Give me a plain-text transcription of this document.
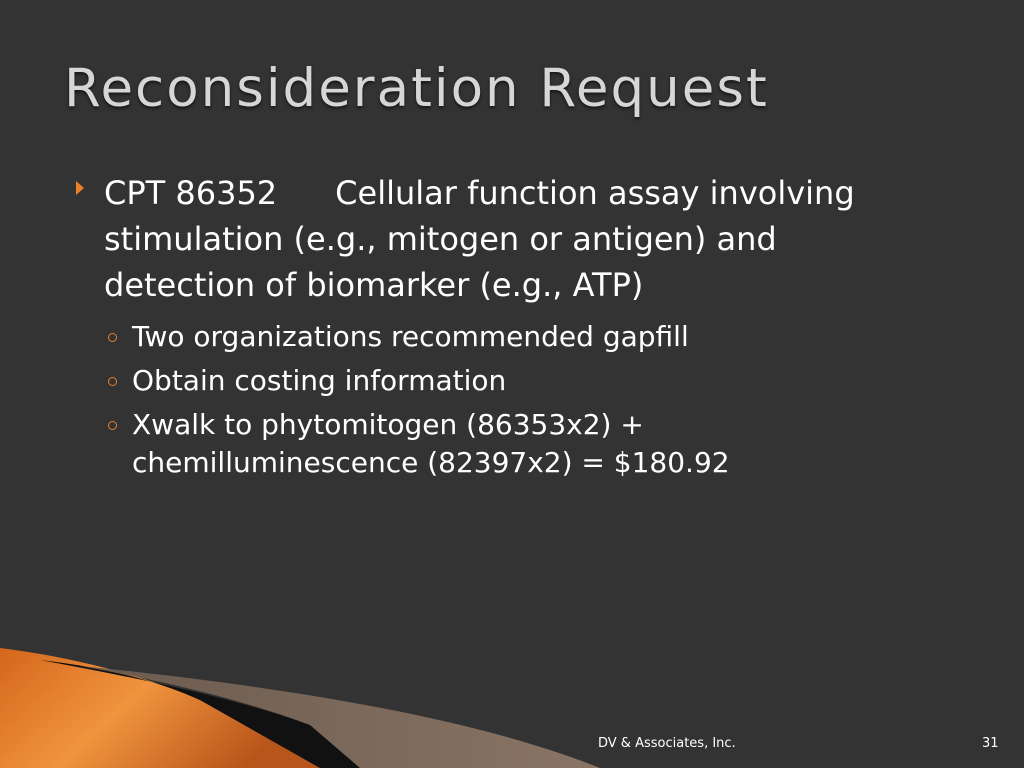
Reconsideration Request
CPT 86352 Cellular function assay involving stimulation (e.g., mitogen or antigen) and detection of biomarker (e.g., ATP)
Two organizations recommended gapfill
Obtain costing information
Xwalk to phytomitogen (86353x2) + chemilluminescence (82397x2) = $180.92
DV & Associates, Inc.	31
